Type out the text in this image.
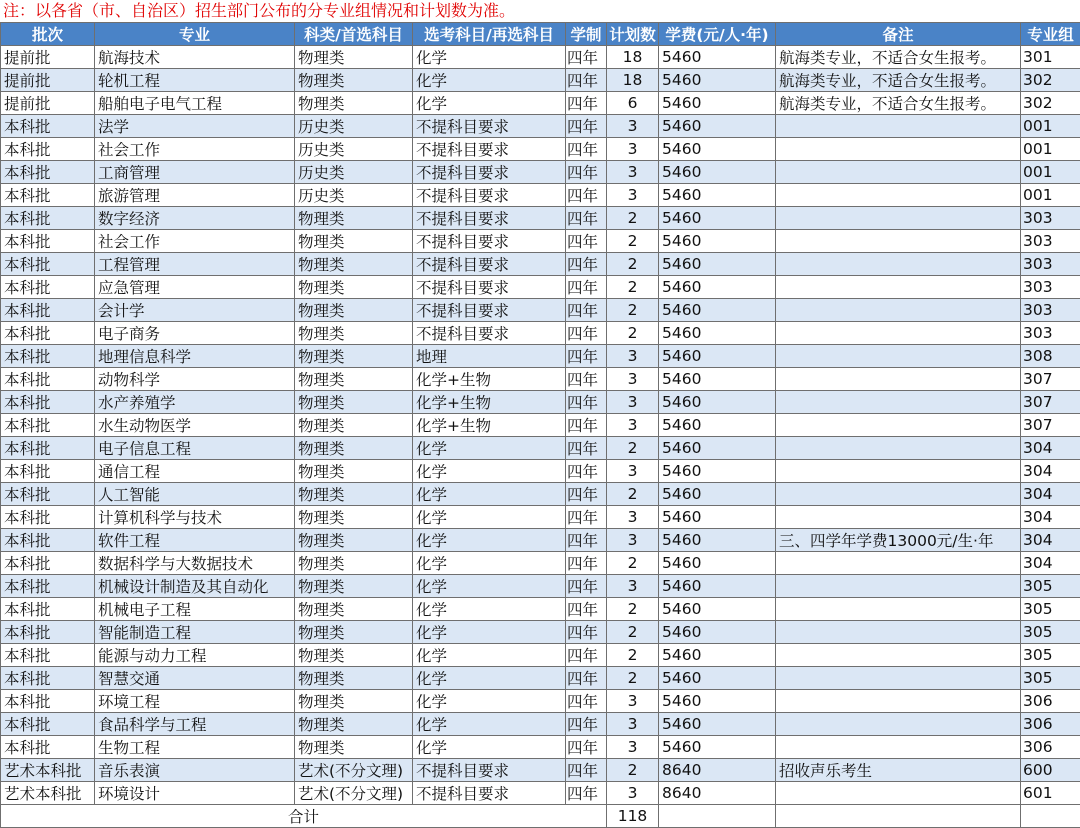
注：以各省（市、自治区）招生部门公布的分专业组情况和计划数为准。
批次	专业	科类/首选科目	选考科目/再选科目	学制	计划数	学费(元/人·年)	备注	专业组
提前批	航海技术	物理类	化学	四年	18	5460	航海类专业，不适合女生报考。	301
提前批	轮机工程	物理类	化学	四年	18	5460	航海类专业，不适合女生报考。	302
提前批	船舶电子电气工程	物理类	化学	四年	6	5460	航海类专业，不适合女生报考。	302
本科批	法学	历史类	不提科目要求	四年	3	5460		001
本科批	社会工作	历史类	不提科目要求	四年	3	5460		001
本科批	工商管理	历史类	不提科目要求	四年	3	5460		001
本科批	旅游管理	历史类	不提科目要求	四年	3	5460		001
本科批	数字经济	物理类	不提科目要求	四年	2	5460		303
本科批	社会工作	物理类	不提科目要求	四年	2	5460		303
本科批	工程管理	物理类	不提科目要求	四年	2	5460		303
本科批	应急管理	物理类	不提科目要求	四年	2	5460		303
本科批	会计学	物理类	不提科目要求	四年	2	5460		303
本科批	电子商务	物理类	不提科目要求	四年	2	5460		303
本科批	地理信息科学	物理类	地理	四年	3	5460		308
本科批	动物科学	物理类	化学+生物	四年	3	5460		307
本科批	水产养殖学	物理类	化学+生物	四年	3	5460		307
本科批	水生动物医学	物理类	化学+生物	四年	3	5460		307
本科批	电子信息工程	物理类	化学	四年	2	5460		304
本科批	通信工程	物理类	化学	四年	3	5460		304
本科批	人工智能	物理类	化学	四年	2	5460		304
本科批	计算机科学与技术	物理类	化学	四年	3	5460		304
本科批	软件工程	物理类	化学	四年	3	5460	三、四学年学费13000元/生·年	304
本科批	数据科学与大数据技术	物理类	化学	四年	2	5460		304
本科批	机械设计制造及其自动化	物理类	化学	四年	3	5460		305
本科批	机械电子工程	物理类	化学	四年	2	5460		305
本科批	智能制造工程	物理类	化学	四年	2	5460		305
本科批	能源与动力工程	物理类	化学	四年	2	5460		305
本科批	智慧交通	物理类	化学	四年	2	5460		305
本科批	环境工程	物理类	化学	四年	3	5460		306
本科批	食品科学与工程	物理类	化学	四年	3	5460		306
本科批	生物工程	物理类	化学	四年	3	5460		306
艺术本科批	音乐表演	艺术(不分文理)	不提科目要求	四年	2	8640	招收声乐考生	600
艺术本科批	环境设计	艺术(不分文理)	不提科目要求	四年	3	8640		601
合计					118			
